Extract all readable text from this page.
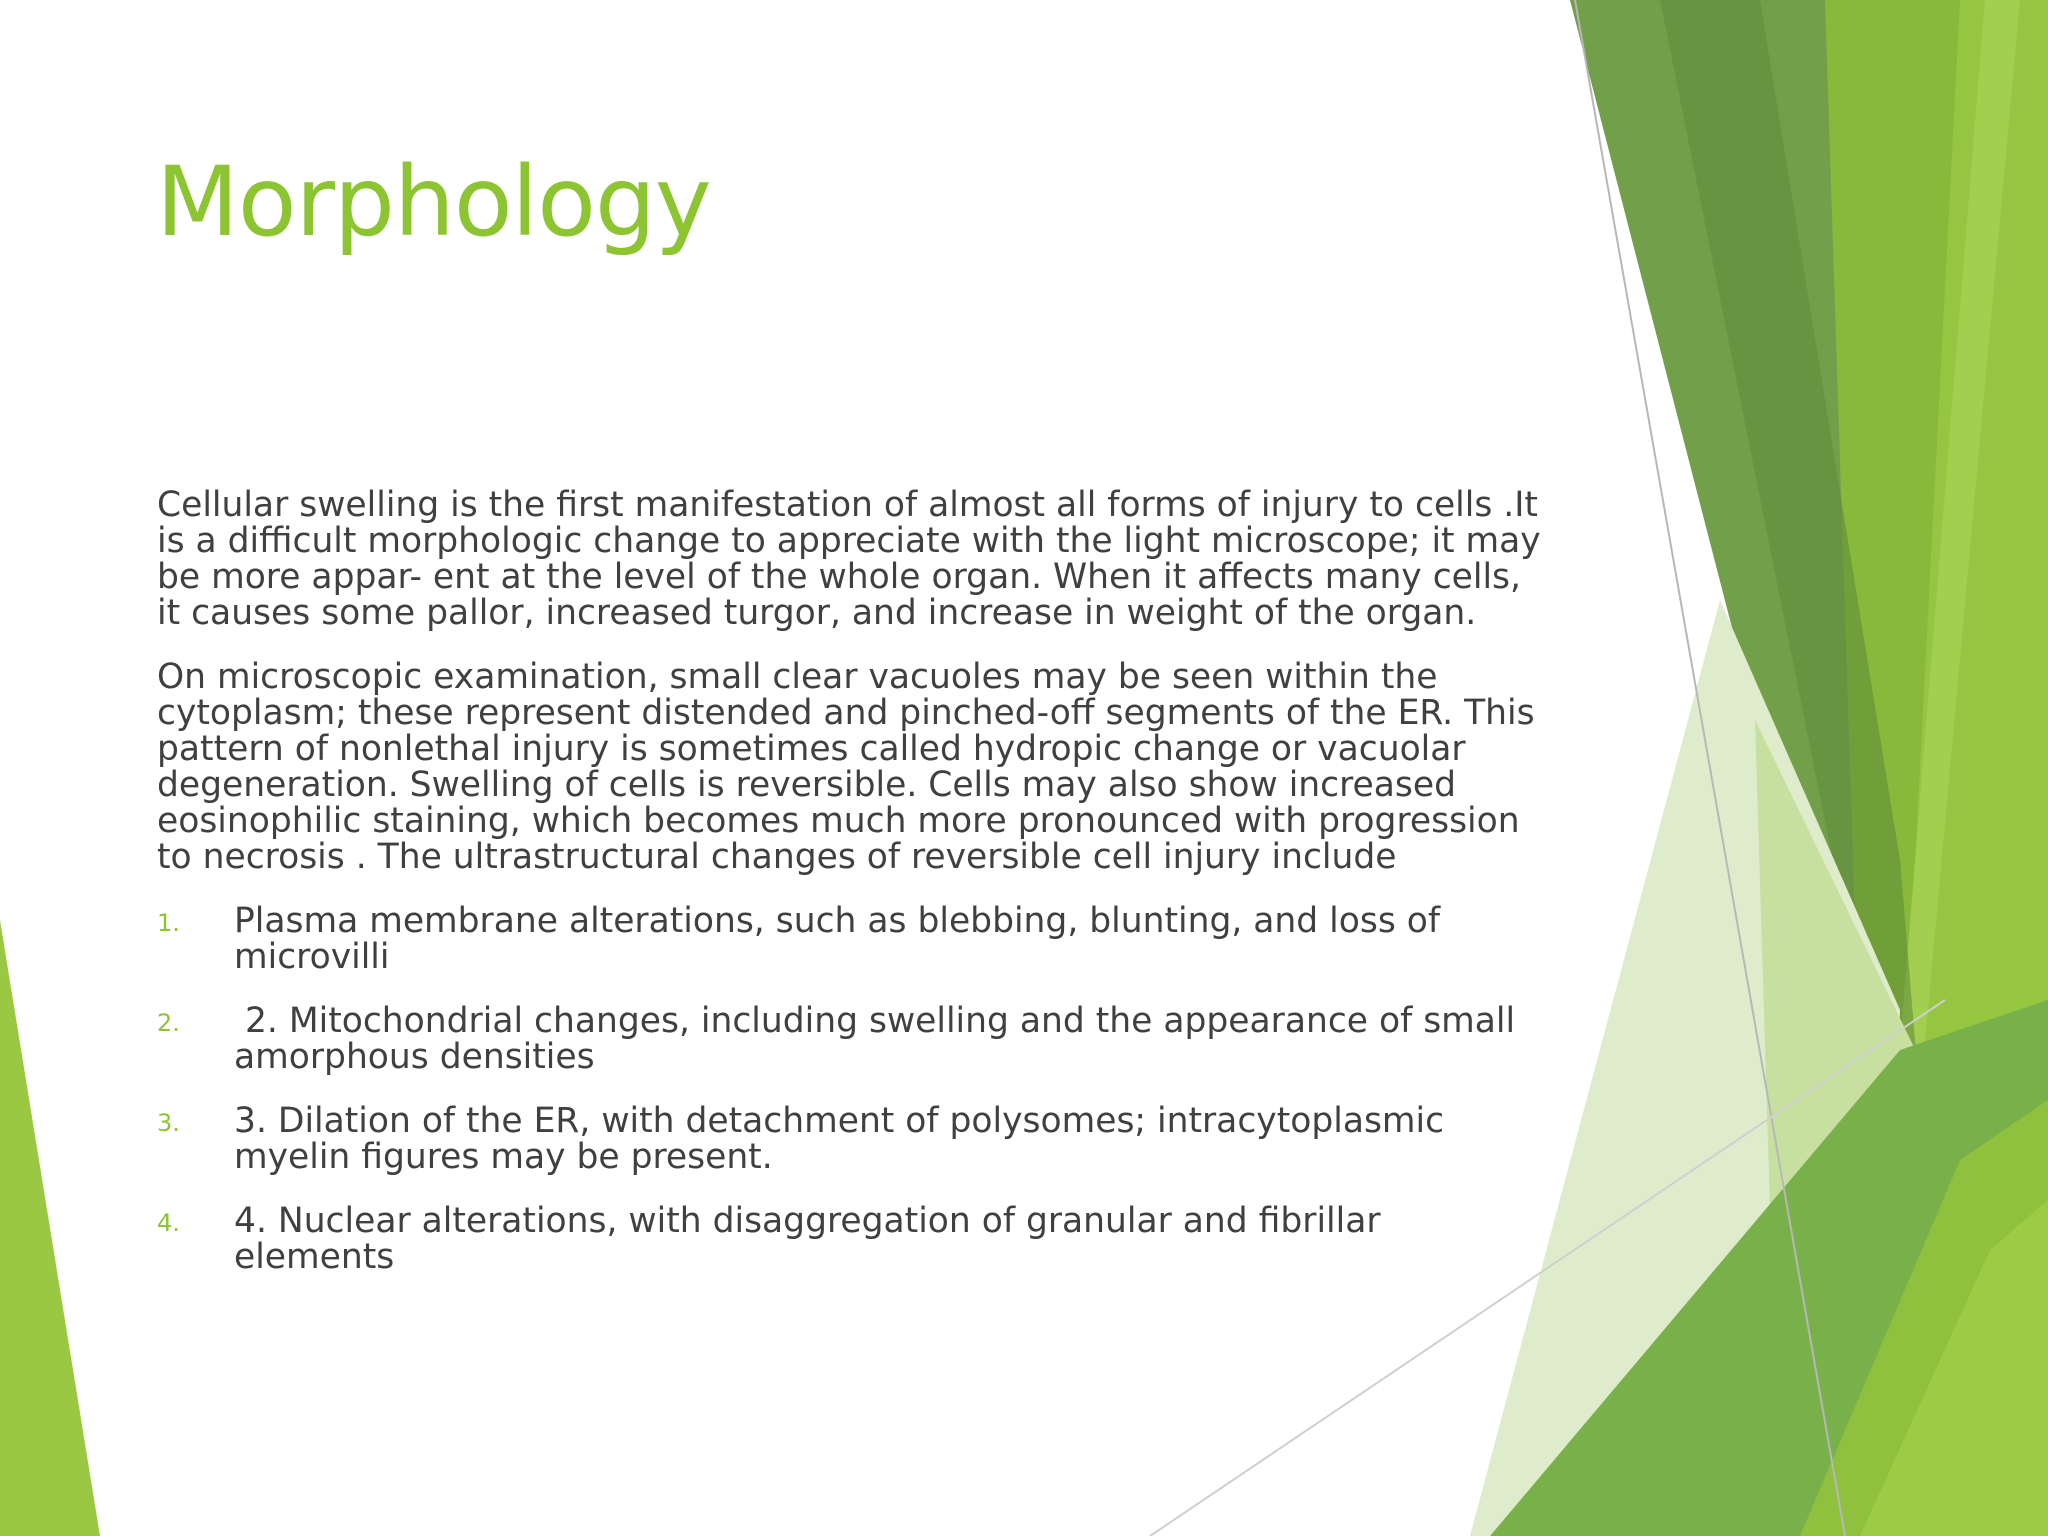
Morphology

Cellular swelling is the first manifestation of almost all forms of injury to cells .It is a difficult morphologic change to appreciate with the light microscope; it may be more appar- ent at the level of the whole organ. When it affects many cells, it causes some pallor, increased turgor, and increase in weight of the organ.

On microscopic examination, small clear vacuoles may be seen within the cytoplasm; these represent distended and pinched-off segments of the ER. This pattern of nonlethal injury is sometimes called hydropic change or vacuolar degeneration. Swelling of cells is reversible. Cells may also show increased eosinophilic staining, which becomes much more pronounced with progression to necrosis . The ultrastructural changes of reversible cell injury include

1. Plasma membrane alterations, such as blebbing, blunting, and loss of microvilli
2. 2. Mitochondrial changes, including swelling and the appearance of small amorphous densities
3. 3. Dilation of the ER, with detachment of polysomes; intracytoplasmic myelin figures may be present.
4. 4. Nuclear alterations, with disaggregation of granular and fibrillar elements
